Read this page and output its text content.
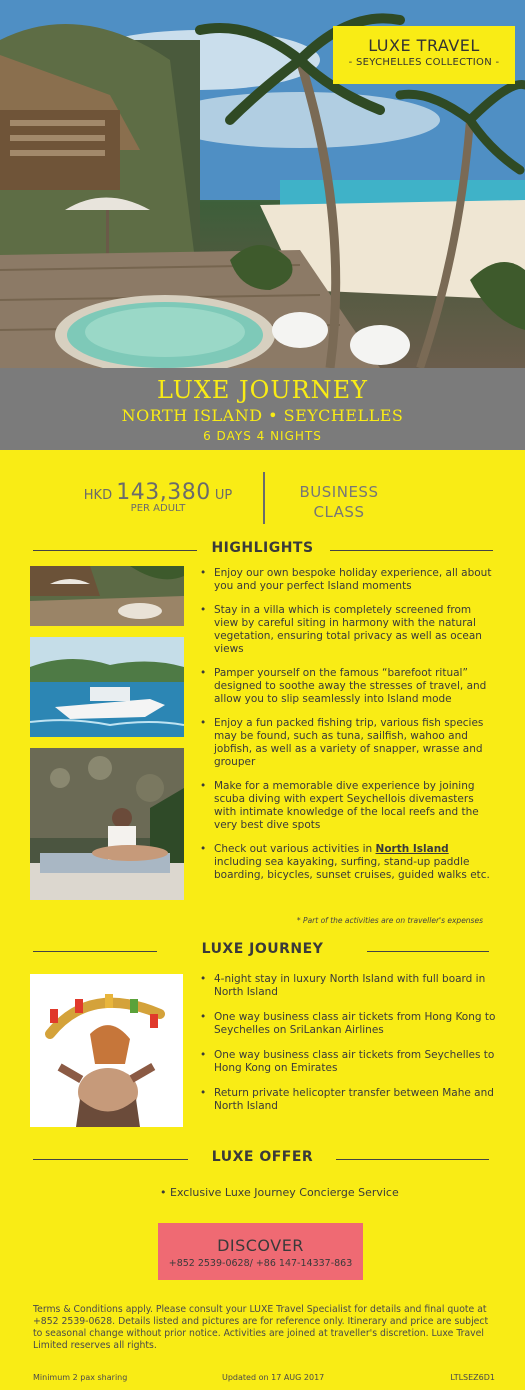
LUXE TRAVEL
- SEYCHELLES COLLECTION -
LUXE JOURNEY
NORTH ISLAND • SEYCHELLES
6 DAYS 4 NIGHTS
HKD 143,380 UP
PER ADULT
BUSINESS
CLASS
HIGHLIGHTS
• Enjoy our own bespoke holiday experience, all about you and your perfect Island moments
• Stay in a villa which is completely screened from view by careful siting in harmony with the natural vegetation, ensuring total privacy as well as ocean views
• Pamper yourself on the famous “barefoot ritual” designed to soothe away the stresses of travel, and allow you to slip seamlessly into Island mode
• Enjoy a fun packed fishing trip, various fish species may be found, such as tuna, sailfish, wahoo and jobfish, as well as a variety of snapper, wrasse and grouper
• Make for a memorable dive experience by joining scuba diving with expert Seychellois divemasters with intimate knowledge of the local reefs and the very best dive spots
• Check out various activities in North Island including sea kayaking, surfing, stand-up paddle boarding, bicycles, sunset cruises, guided walks etc.
* Part of the activities are on traveller's expenses
LUXE JOURNEY
• 4-night stay in luxury North Island with full board in North Island
• One way business class air tickets from Hong Kong to Seychelles on SriLankan Airlines
• One way business class air tickets from Seychelles to Hong Kong on Emirates
• Return private helicopter transfer between Mahe and North Island
LUXE OFFER
• Exclusive Luxe Journey Concierge Service
DISCOVER
+852 2539-0628/ +86 147-14337-863
Terms & Conditions apply. Please consult your LUXE Travel Specialist for details and final quote at +852 2539-0628. Details listed and pictures are for reference only. Itinerary and price are subject to seasonal change without prior notice. Activities are joined at traveller's discretion. Luxe Travel Limited reserves all rights.
Minimum 2 pax sharing	Updated on 17 AUG 2017	LTLSEZ6D1
